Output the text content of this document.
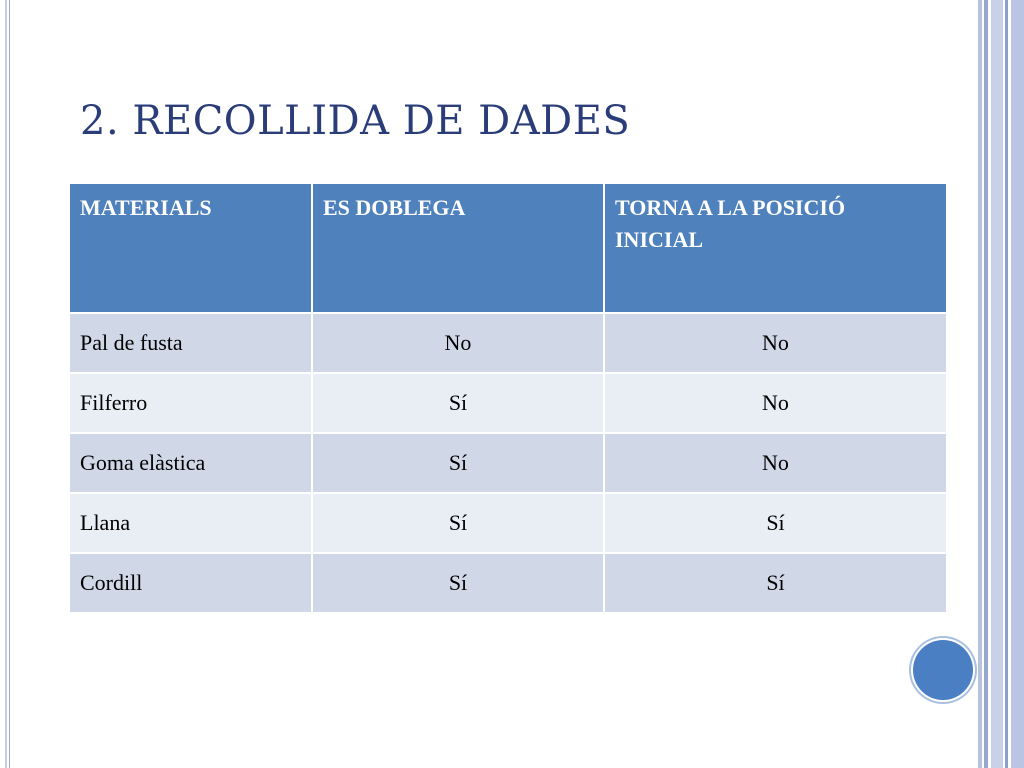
2. RECOLLIDA DE DADES
MATERIALS	ES DOBLEGA	TORNA A LA POSICIÓ INICIAL
Pal de fusta	No	No
Filferro	Sí	No
Goma elàstica	Sí	No
Llana	Sí	Sí
Cordill	Sí	Sí
